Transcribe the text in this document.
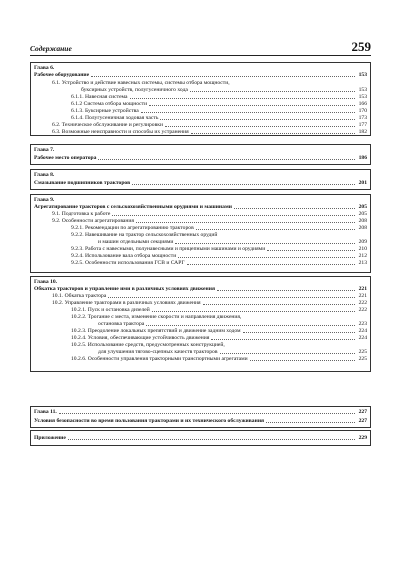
Содержание	259
Глава 6.
Рабочее оборудование	153
6.1. Устройство и действие навесных системы, системы отбора мощности,
буксирных устройств, полугусеничного хода	153
6.1.1. Навесная система	153
6.1.2 Система отбора мощности	166
6.1.3. Буксирные устройства	170
6.1.4. Полугусеничная ходовая часть	173
6.2. Техническое обслуживание и регулировки	177
6.3. Возможные неисправности и способы их устранения	182
Глава 7.
Рабочее место оператора	186
Глава 8.
Смазывание подшипников тракторов	201
Глава 9.
Агрегатирование тракторов с сельскохозяйственными орудиями и машинами	205
9.1. Подготовка к работе	205
9.2. Особенности агрегатирования	208
9.2.1. Рекомендации по агрегатированию тракторов	208
9.2.2. Навешивание на трактор сельскохозяйственных орудий
и машин отдельными секциями	209
9.2.3. Работа с навесными, полунавесными и прицепными машинами и орудиями	210
9.2.4. Использование вала отбора мощности	212
9.2.5. Особенности использования ГСВ и САРГ	213
Глава 10.
Обкатка тракторов и управление ими в различных условиях движения	221
10.1. Обкатка трактора	221
10.2. Управление тракторами в различных условиях движения	222
10.2.1. Пуск и остановка дизелей	222
10.2.2. Трогание с места, изменение скорости и направления движения,
остановка трактора	223
10.2.3. Преодоление локальных препятствий и движение задним ходом	224
10.2.4. Условия, обеспечивающие устойчивость движения	224
10.2.5. Использование средств, предусмотренных конструкцией,
для улучшения тягово-сцепных качеств тракторов	225
10.2.6. Особенности управления тракторными транспортными агрегатами	225
Глава 11.	227
Условия безопасности во время пользования тракторами и их технического обслуживания	227
Приложение	229
